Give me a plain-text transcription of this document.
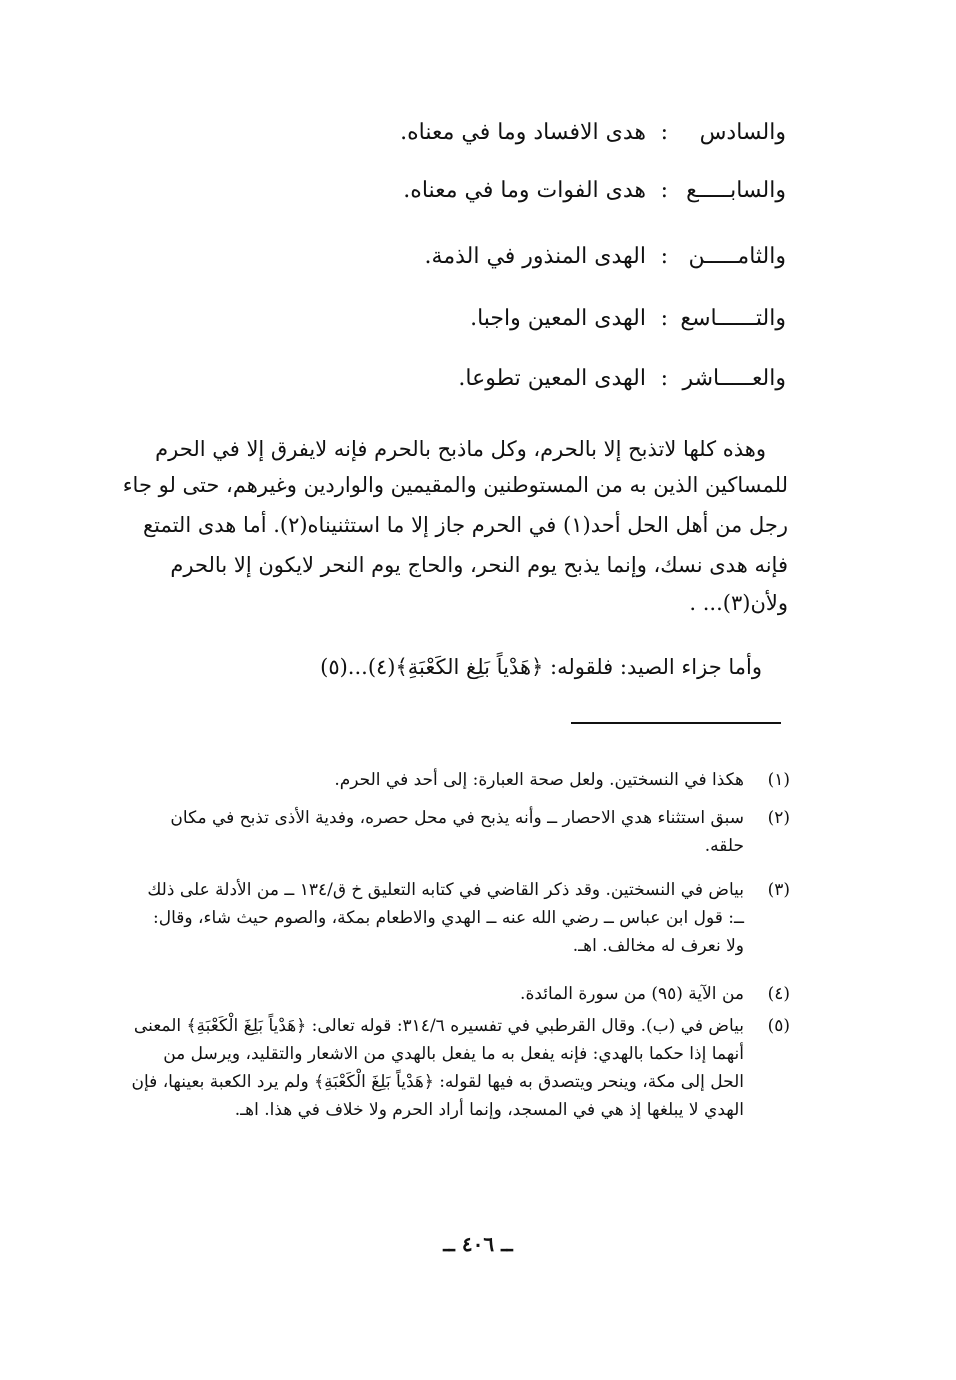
والسادس
:
هدى الافساد وما في معناه.
والسابـــــع
:
هدى الفوات وما في معناه.
والثامـــــن
:
الهدى المنذور في الذمة.
والتــــــاسع
:
الهدى المعين واجبا.
والعـــــاشر
:
الهدى المعين تطوعا.
وهذه كلها لاتذبح إلا بالحرم، وكل ماذبح بالحرم فإنه لايفرق إلا في الحرم
للمساكين الذين به من المستوطنين والمقيمين والواردين وغيرهم، حتى لو جاء
رجل من أهل الحل أحد(١) في الحرم جاز إلا ما استثنيناه(٢). أما هدى التمتع
فإنه هدى نسك، وإنما يذبح يوم النحر، والحاج يوم النحر لايكون إلا بالحرم
ولأن(٣)... .
وأما جزاء الصيد: فلقوله: ﴿هَدْياً بَلِغ الكَعْبَةِ﴾(٤)...(٥)
(١)
هكذا في النسختين. ولعل صحة العبارة: إلى أحد في الحرم.
(٢)
سبق استثناء هدي الاحصار ــ وأنه يذبح في محل حصره، وفدية الأذى تذبح في مكان حلقه.
(٣)
بياض في النسختين. وقد ذكر القاضي في كتابه التعليق خ ق/١٣٤ ــ من الأدلة على ذلك ــ: قول ابن عباس ــ رضي الله عنه ــ الهدي والاطعام بمكة، والصوم حيث شاء، وقال: ولا نعرف له مخالف. اهـ.
(٤)
من الآية (٩٥) من سورة المائدة.
(٥)
بياض في (ب). وقال القرطبي في تفسيره ٣١٤/٦: قوله تعالى: ﴿هَدْياً بَلِغَ الْكَعْبَةِ﴾ المعنى أنهما إذا حكما بالهدي: فإنه يفعل به ما يفعل بالهدي من الاشعار والتقليد، ويرسل من الحل إلى مكة، وينحر ويتصدق به فيها لقوله: ﴿هَدْياً بَلِغَ الْكَعْبَةِ﴾ ولم يرد الكعبة بعينها، فإن الهدي لا يبلغها إذ هي في المسجد، وإنما أراد الحرم ولا خلاف في هذا. اهـ.
ــ ٤٠٦ ــ
